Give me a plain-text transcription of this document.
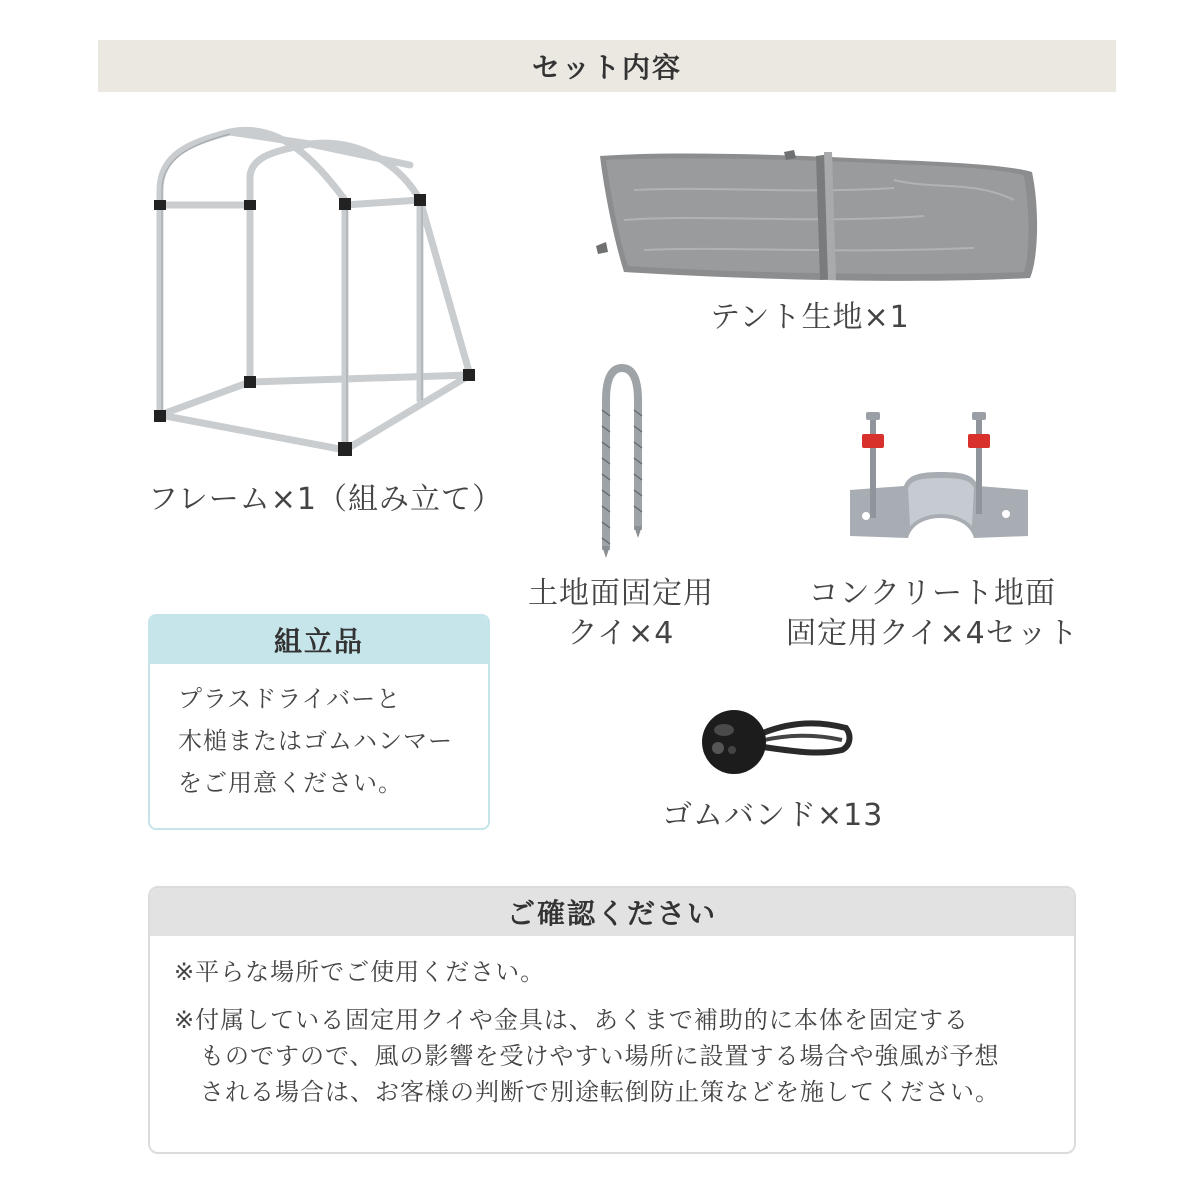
セット内容
フレーム×1（組み立て）
テント生地×1
土地面固定用
クイ×4
コンクリート地面
固定用クイ×4セット
組立品
プラスドライバーと
木槌またはゴムハンマー
をご用意ください。
ゴムバンド×13
ご確認ください
※平らな場所でご使用ください。
※付属している固定用クイや金具は、あくまで補助的に本体を固定する
ものですので、風の影響を受けやすい場所に設置する場合や強風が予想
される場合は、お客様の判断で別途転倒防止策などを施してください。
